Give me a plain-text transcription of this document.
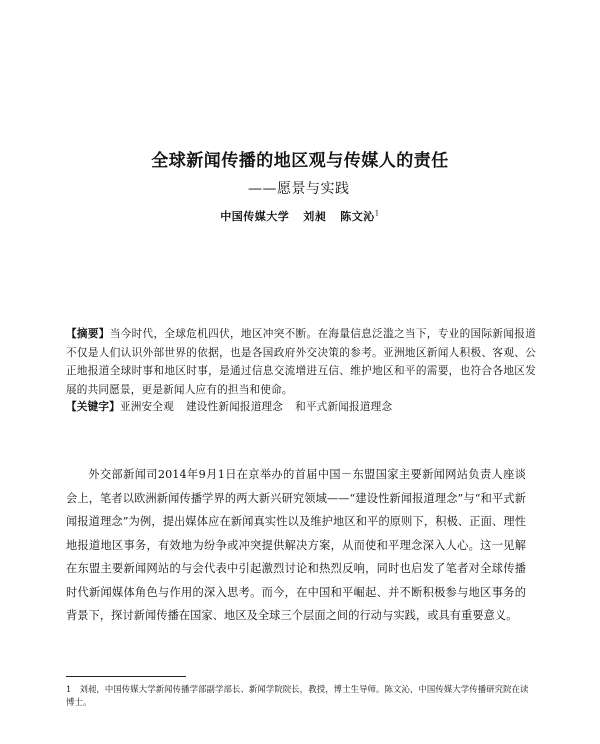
全球新闻传播的地区观与传媒人的责任
——愿景与实践
中国传媒大学 刘昶 陈文沁$^1$
【摘要】当今时代，全球危机四伏，地区冲突不断。在海量信息泛滥之当下，专业的国际新闻报道不仅是人们认识外部世界的依据，也是各国政府外交决策的参考。亚洲地区新闻人积极、客观、公正地报道全球时事和地区时事，是通过信息交流增进互信、维护地区和平的需要，也符合各地区发展的共同愿景，更是新闻人应有的担当和使命。
【关键字】亚洲安全观 建设性新闻报道理念 和平式新闻报道理念
外交部新闻司2014年9月1日在京举办的首届中国－东盟国家主要新闻网站负责人座谈会上，笔者以欧洲新闻传播学界的两大新兴研究领域——“建设性新闻报道理念”与“和平式新闻报道理念”为例，提出媒体应在新闻真实性以及维护地区和平的原则下，积极、正面、理性地报道地区事务，有效地为纷争或冲突提供解决方案，从而使和平理念深入人心。这一见解在东盟主要新闻网站的与会代表中引起激烈讨论和热烈反响，同时也启发了笔者对全球传播时代新闻媒体角色与作用的深入思考。而今，在中国和平崛起、并不断积极参与地区事务的背景下，探讨新闻传播在国家、地区及全球三个层面之间的行动与实践，或具有重要意义。
1 刘昶，中国传媒大学新闻传播学部副学部长、新闻学院院长，教授，博士生导师。陈文沁，中国传媒大学传播研究院在读博士。
